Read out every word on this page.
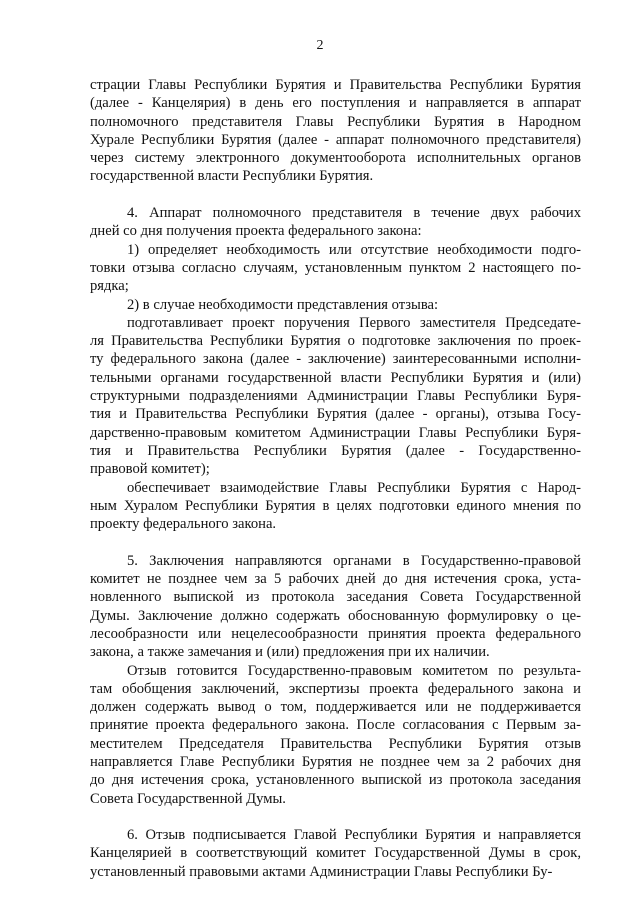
2

страции Главы Республики Бурятия и Правительства Республики Бурятия

(далее - Канцелярия) в день его поступления и направляется в аппарат

полномочного представителя Главы Республики Бурятия в Народном

Хурале Республики Бурятия (далее - аппарат полномочного представителя)

через систему электронного документооборота исполнительных органов

государственной власти Республики Бурятия.

4. Аппарат полномочного представителя в течение двух рабочих

дней со дня получения проекта федерального закона:

1) определяет необходимость или отсутствие необходимости подго-

товки отзыва согласно случаям, установленным пунктом 2 настоящего по-

рядка;

2) в случае необходимости представления отзыва:

подготавливает проект поручения Первого заместителя Председате-

ля Правительства Республики Бурятия о подготовке заключения по проек-

ту федерального закона (далее - заключение) заинтересованными исполни-

тельными органами государственной власти Республики Бурятия и (или)

структурными подразделениями Администрации Главы Республики Буря-

тия и Правительства Республики Бурятия (далее - органы), отзыва Госу-

дарственно-правовым комитетом Администрации Главы Республики Буря-

тия и Правительства Республики Бурятия (далее - Государственно-

правовой комитет);

обеспечивает взаимодействие Главы Республики Бурятия с Народ-

ным Хуралом Республики Бурятия в целях подготовки единого мнения по

проекту федерального закона.

5. Заключения направляются органами в Государственно-правовой

комитет не позднее чем за 5 рабочих дней до дня истечения срока, уста-

новленного выпиской из протокола заседания Совета Государственной

Думы. Заключение должно содержать обоснованную формулировку о це-

лесообразности или нецелесообразности принятия проекта федерального

закона, а также замечания и (или) предложения при их наличии.

Отзыв готовится Государственно-правовым комитетом по результа-

там обобщения заключений, экспертизы проекта федерального закона и

должен содержать вывод о том, поддерживается или не поддерживается

принятие проекта федерального закона. После согласования с Первым за-

местителем Председателя Правительства Республики Бурятия отзыв

направляется Главе Республики Бурятия не позднее чем за 2 рабочих дня

до дня истечения срока, установленного выпиской из протокола заседания

Совета Государственной Думы.

6. Отзыв подписывается Главой Республики Бурятия и направляется

Канцелярией в соответствующий комитет Государственной Думы в срок,

установленный правовыми актами Администрации Главы Республики Бу-
